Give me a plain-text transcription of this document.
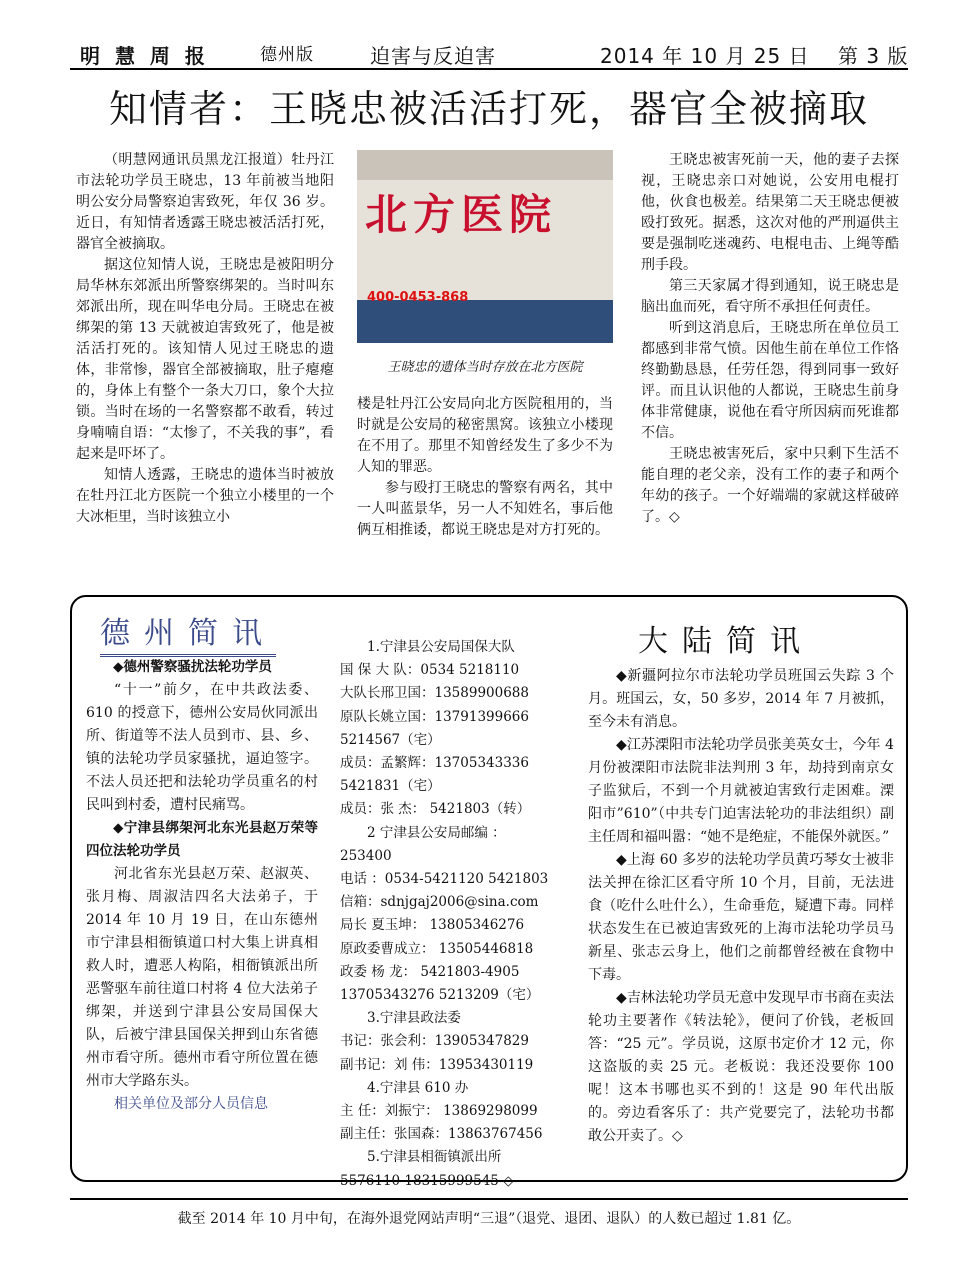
明 慧 周 报	德州版	迫害与反迫害	2014 年 10 月 25 日 第 3 版
知情者：王晓忠被活活打死，器官全被摘取

（明慧网通讯员黑龙江报道）牡丹江市法轮功学员王晓忠，13 年前被当地阳明公安分局警察迫害致死，年仅 36 岁。近日，有知情者透露王晓忠被活活打死，器官全被摘取。

据这位知情人说，王晓忠是被阳明分局华林东郊派出所警察绑架的。当时叫东郊派出所，现在叫华电分局。王晓忠在被绑架的第 13 天就被迫害致死了，他是被活活打死的。该知情人见过王晓忠的遗体，非常惨，器官全部被摘取，肚子瘪瘪的，身体上有整个一条大刀口，象个大拉锁。当时在场的一名警察都不敢看，转过身喃喃自语：“太惨了，不关我的事”，看起来是吓坏了。

知情人透露，王晓忠的遗体当时被放在牡丹江北方医院一个独立小楼里的一个大冰柜里，当时该独立小

北方医院
400-0453-868
王晓忠的遗体当时存放在北方医院

楼是牡丹江公安局向北方医院租用的，当时就是公安局的秘密黑窝。该独立小楼现在不用了。那里不知曾经发生了多少不为人知的罪恶。

参与殴打王晓忠的警察有两名，其中一人叫蓝景华，另一人不知姓名，事后他俩互相推诿，都说王晓忠是对方打死的。

王晓忠被害死前一天，他的妻子去探视，王晓忠亲口对她说，公安用电棍打他，伙食也极差。结果第二天王晓忠便被殴打致死。据悉，这次对他的严刑逼供主要是强制吃迷魂药、电棍电击、上绳等酷刑手段。

第三天家属才得到通知，说王晓忠是脑出血而死，看守所不承担任何责任。

听到这消息后，王晓忠所在单位员工都感到非常气愤。因他生前在单位工作恪终勤勤恳恳，任劳任怨，得到同事一致好评。而且认识他的人都说，王晓忠生前身体非常健康，说他在看守所因病而死谁都不信。

王晓忠被害死后，家中只剩下生活不能自理的老父亲，没有工作的妻子和两个年幼的孩子。一个好端端的家就这样破碎了。◇

德州简讯
◆德州警察骚扰法轮功学员

“十一”前夕，在中共政法委、610 的授意下，德州公安局伙同派出所、街道等不法人员到市、县、乡、镇的法轮功学员家骚扰，逼迫签字。不法人员还把和法轮功学员重名的村民叫到村委，遭村民痛骂。

◆宁津县绑架河北东光县赵万荣等四位法轮功学员

河北省东光县赵万荣、赵淑英、张月梅、周淑洁四名大法弟子，于 2014 年 10 月 19 日，在山东德州市宁津县相衙镇道口村大集上讲真相救人时，遭恶人构陷，相衙镇派出所恶警驱车前往道口村将 4 位大法弟子绑架，并送到宁津县公安局国保大队，后被宁津县国保关押到山东省德州市看守所。德州市看守所位置在德州市大学路东头。

相关单位及部分人员信息
1.宁津县公安局国保大队
国 保 大 队：0534 5218110
大队长邢卫国：13589900688
原队长姚立国：13791399666
5214567（宅）
成员：孟繁辉：13705343336
5421831（宅）
成员：张 杰： 5421803（转）
2 宁津县公安局邮编 ：
253400
电话 ：0534-5421120 5421803
信箱：sdnjgaj2006@sina.com
局长 夏玉坤： 13805346276
原政委曹成立： 13505446818
政委 杨 龙： 5421803-4905
13705343276 5213209（宅）
3.宁津县政法委
书记：张会利：13905347829
副书记：刘 伟：13953430119
4.宁津县 610 办
主 任：刘振宁： 13869298099
副主任：张国森：13863767456
5.宁津县相衙镇派出所
5576110 18315999545 ◇
大陆简讯

◆新疆阿拉尔市法轮功学员班国云失踪 3 个月。班国云，女，50 多岁，2014 年 7 月被抓，至今未有消息。

◆江苏溧阳市法轮功学员张美英女士，今年 4 月份被溧阳市法院非法判刑 3 年，劫持到南京女子监狱后，不到一个月就被迫害致行走困难。溧阳市”610”（中共专门迫害法轮功的非法组织）副主任周和福叫嚣：“她不是绝症，不能保外就医。”

◆上海 60 多岁的法轮功学员黄巧琴女士被非法关押在徐汇区看守所 10 个月，目前，无法进食（吃什么吐什么），生命垂危，疑遭下毒。同样状态发生在已被迫害致死的上海市法轮功学员马新星、张志云身上，他们之前都曾经被在食物中下毒。

◆吉林法轮功学员无意中发现早市书商在卖法轮功主要著作《转法轮》，便问了价钱，老板回答：“25 元”。学员说，这原书定价才 12 元，你这盗版的卖 25 元。老板说：我还没要你 100 呢！这本书哪也买不到的！这是 90 年代出版的。旁边看客乐了：共产党要完了，法轮功书都敢公开卖了。◇

截至 2014 年 10 月中旬，在海外退党网站声明“三退”（退党、退团、退队）的人数已超过 1.81 亿。
